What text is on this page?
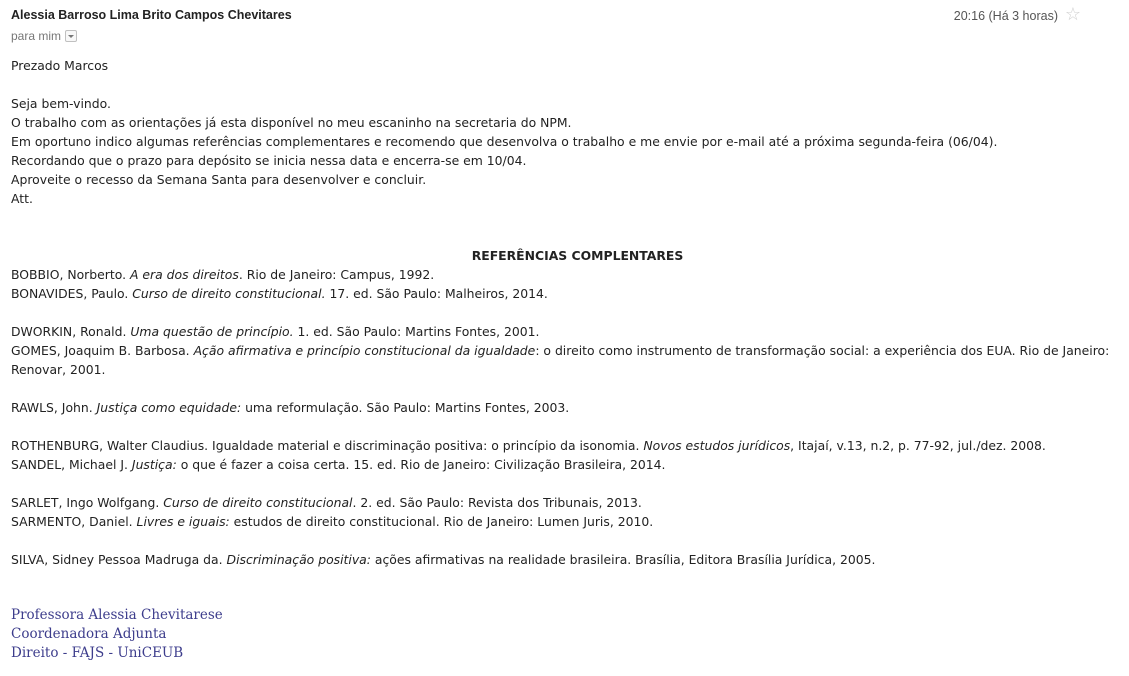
Alessia Barroso Lima Brito Campos Chevitares
para mim
20:16 (Há 3 horas) ☆

Prezado Marcos

Seja bem-vindo.

O trabalho com as orientações já esta disponível no meu escaninho na secretaria do NPM.

Em oportuno indico algumas referências complementares e recomendo que desenvolva o trabalho e me envie por e-mail até a próxima segunda-feira (06/04).

Recordando que o prazo para depósito se inicia nessa data e encerra-se em 10/04.

Aproveite o recesso da Semana Santa para desenvolver e concluir.

Att.

REFERÊNCIAS COMPLENTARES

BOBBIO, Norberto. A era dos direitos. Rio de Janeiro: Campus, 1992.

BONAVIDES, Paulo. Curso de direito constitucional. 17. ed. São Paulo: Malheiros, 2014.

DWORKIN, Ronald. Uma questão de princípio. 1. ed. São Paulo: Martins Fontes, 2001.

GOMES, Joaquim B. Barbosa. Ação afirmativa e princípio constitucional da igualdade: o direito como instrumento de transformação social: a experiência dos EUA. Rio de Janeiro: Renovar, 2001.

RAWLS, John. Justiça como equidade: uma reformulação. São Paulo: Martins Fontes, 2003.

ROTHENBURG, Walter Claudius. Igualdade material e discriminação positiva: o princípio da isonomia. Novos estudos jurídicos, Itajaí, v.13, n.2, p. 77-92, jul./dez. 2008.

SANDEL, Michael J. Justiça: o que é fazer a coisa certa. 15. ed. Rio de Janeiro: Civilização Brasileira, 2014.

SARLET, Ingo Wolfgang. Curso de direito constitucional. 2. ed. São Paulo: Revista dos Tribunais, 2013.

SARMENTO, Daniel. Livres e iguais: estudos de direito constitucional. Rio de Janeiro: Lumen Juris, 2010.

SILVA, Sidney Pessoa Madruga da. Discriminação positiva: ações afirmativas na realidade brasileira. Brasília, Editora Brasília Jurídica, 2005.

Professora Alessia Chevitarese
Coordenadora Adjunta
Direito - FAJS - UniCEUB
